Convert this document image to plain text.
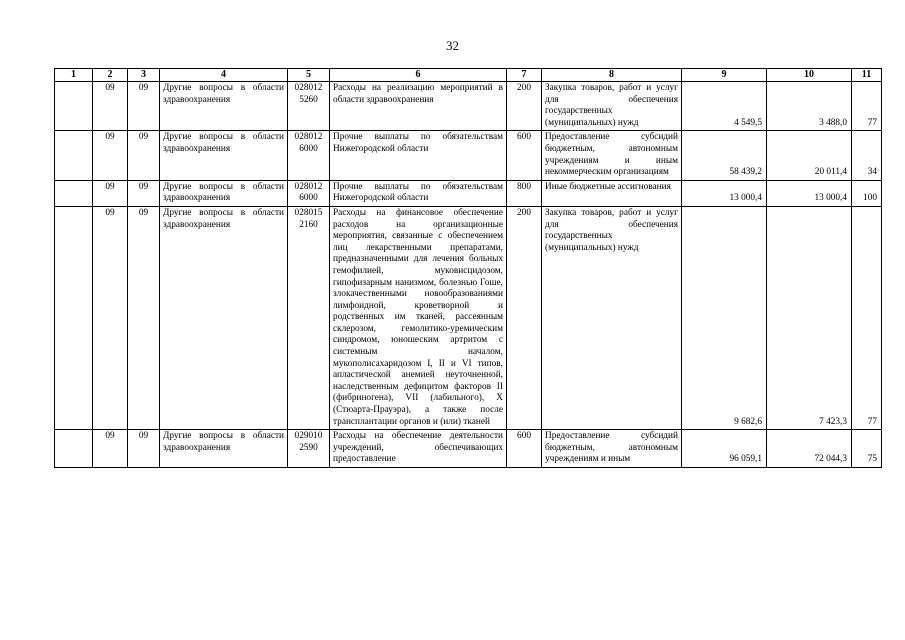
32
1	2	3	4	5	6	7	8	9	10	11
	09	09	Другие вопросы в области здравоохранения	028012 5260	Расходы на реализацию мероприятий в области здравоохранения	200	Закупка товаров, работ и услуг для обеспечения государственных (муниципальных) нужд	4 549,5	3 488,0	77
	09	09	Другие вопросы в области здравоохранения	028012 6000	Прочие выплаты по обязательствам Нижегородской области	600	Предоставление субсидий бюджетным, автономным учреждениям и иным некоммерческим организациям	58 439,2	20 011,4	34
	09	09	Другие вопросы в области здравоохранения	028012 6000	Прочие выплаты по обязательствам Нижегородской области	800	Иные бюджетные ассигнования	13 000,4	13 000,4	100
	09	09	Другие вопросы в области здравоохранения	028015 2160	Расходы на финансовое обеспечение расходов на организационные мероприятия, связанные с обеспечением лиц лекарственными препаратами, предназначенными для лечения больных гемофилией, муковисцидозом, гипофизарным нанизмом, болезнью Гоше, злокачественными новообразованиями лимфоидной, кроветворной и родственных им тканей, рассеянным склерозом, гемолитико-уремическим синдромом, юношеским артритом с системным началом, мукополисахаридозом I, II и VI типов, апластической анемией неуточненной, наследственным дефицитом факторов II (фибриногена), VII (лабильного), X (Стюарта-Прауэра), а также после трансплантации органов и (или) тканей	200	Закупка товаров, работ и услуг для обеспечения государственных (муниципальных) нужд	9 682,6	7 423,3	77
	09	09	Другие вопросы в области здравоохранения	029010 2590	Расходы на обеспечение деятельности учреждений, обеспечивающих предоставление	600	Предоставление субсидий бюджетным, автономным учреждениям и иным	96 059,1	72 044,3	75
